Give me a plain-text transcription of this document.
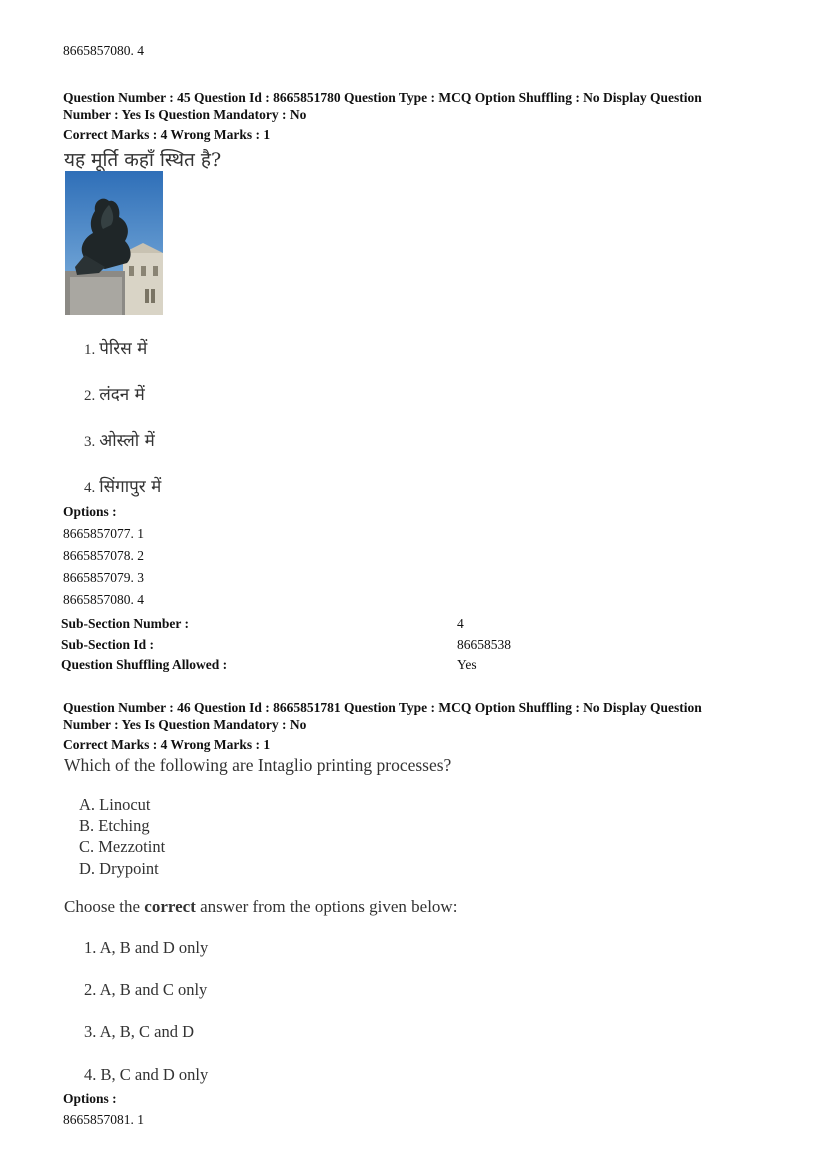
8665857080. 4
Question Number : 45 Question Id : 8665851780 Question Type : MCQ Option Shuffling : No Display Question
Number : Yes Is Question Mandatory : No
Correct Marks : 4 Wrong Marks : 1
यह मूर्ति कहाँ स्थित है?
1. पेरिस में
2. लंदन में
3. ओस्लो में
4. सिंगापुर में
Options :
8665857077. 1
8665857078. 2
8665857079. 3
8665857080. 4
Sub-Section Number :	4
Sub-Section Id :	86658538
Question Shuffling Allowed :	Yes
Question Number : 46 Question Id : 8665851781 Question Type : MCQ Option Shuffling : No Display Question
Number : Yes Is Question Mandatory : No
Correct Marks : 4 Wrong Marks : 1
Which of the following are Intaglio printing processes?
A. Linocut
B. Etching
C. Mezzotint
D. Drypoint
Choose the correct answer from the options given below:
1. A, B and D only
2. A, B and C only
3. A, B, C and D
4. B, C and D only
Options :
8665857081. 1
